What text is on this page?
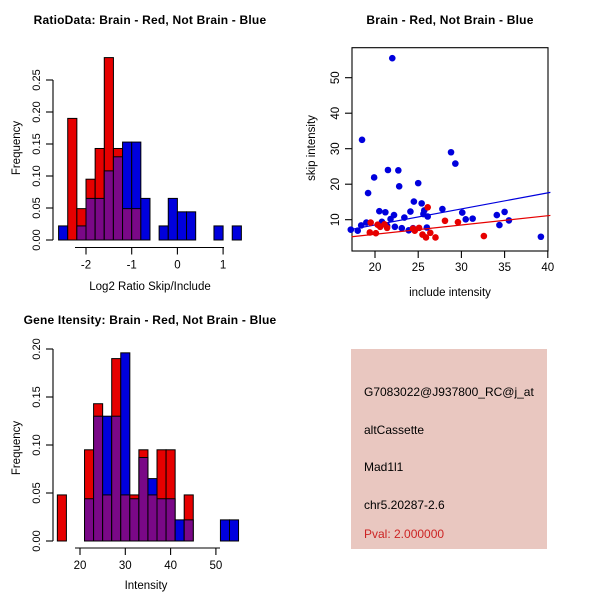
RatioData: Brain - Red, Not Brain - Blue
0.00
0.05
0.10
0.15
0.20
0.25
-2	-1	0	1
Log2 Ratio Skip/Include
Frequency
Brain - Red, Not Brain - Blue
20	25	30	35	40
10
20
30
40
50
include intensity
skip intensity
Gene Itensity: Brain - Red, Not Brain - Blue
0.00
0.05
0.10
0.15
0.20
20	30	40	50
Intensity
Frequency
G7083022@J937800_RC@j_at
altCassette
Mad1l1
chr5.20287-2.6
Pval: 2.000000
